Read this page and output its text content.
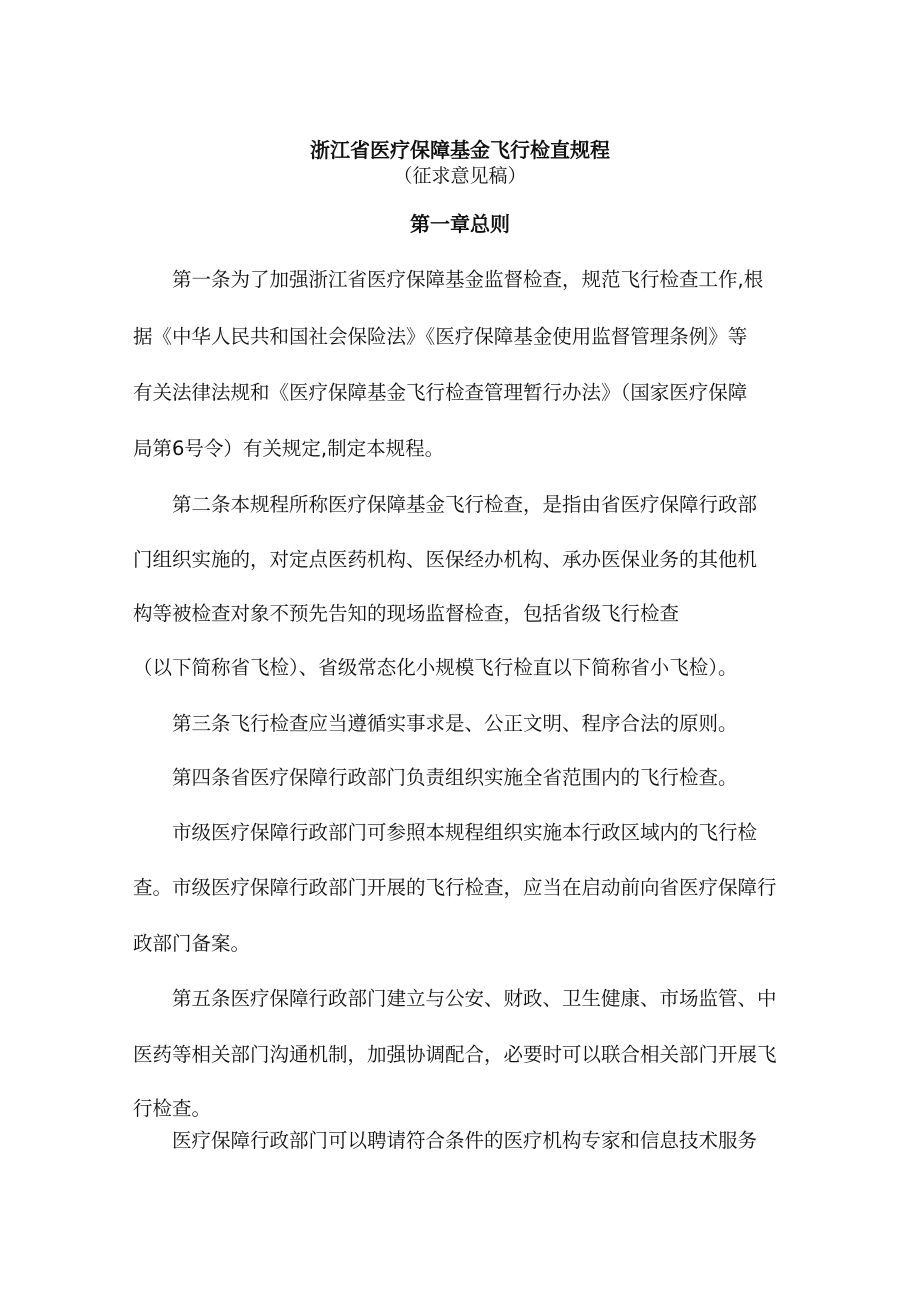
浙江省医疗保障基金飞行检直规程
（征求意见稿）
第一章总则
第一条为了加强浙江省医疗保障基金监督检查，规范飞行检查工作,根
据《中华人民共和国社会保险法》《医疗保障基金使用监督管理条例》等
有关法律法规和《医疗保障基金飞行检查管理暂行办法》（国家医疗保障
局第6号令）有关规定,制定本规程。
第二条本规程所称医疗保障基金飞行检查，是指由省医疗保障行政部
门组织实施的，对定点医药机构、医保经办机构、承办医保业务的其他机
构等被检查对象不预先告知的现场监督检查，包括省级飞行检查
（以下简称省飞检）、省级常态化小规模飞行检直以下简称省小飞检）。
第三条飞行检查应当遵循实事求是、公正文明、程序合法的原则。
第四条省医疗保障行政部门负责组织实施全省范围内的飞行检查。
市级医疗保障行政部门可参照本规程组织实施本行政区域内的飞行检
查。市级医疗保障行政部门开展的飞行检查，应当在启动前向省医疗保障行
政部门备案。
第五条医疗保障行政部门建立与公安、财政、卫生健康、市场监管、中
医药等相关部门沟通机制，加强协调配合，必要时可以联合相关部门开展飞
行检查。
医疗保障行政部门可以聘请符合条件的医疗机构专家和信息技术服务
